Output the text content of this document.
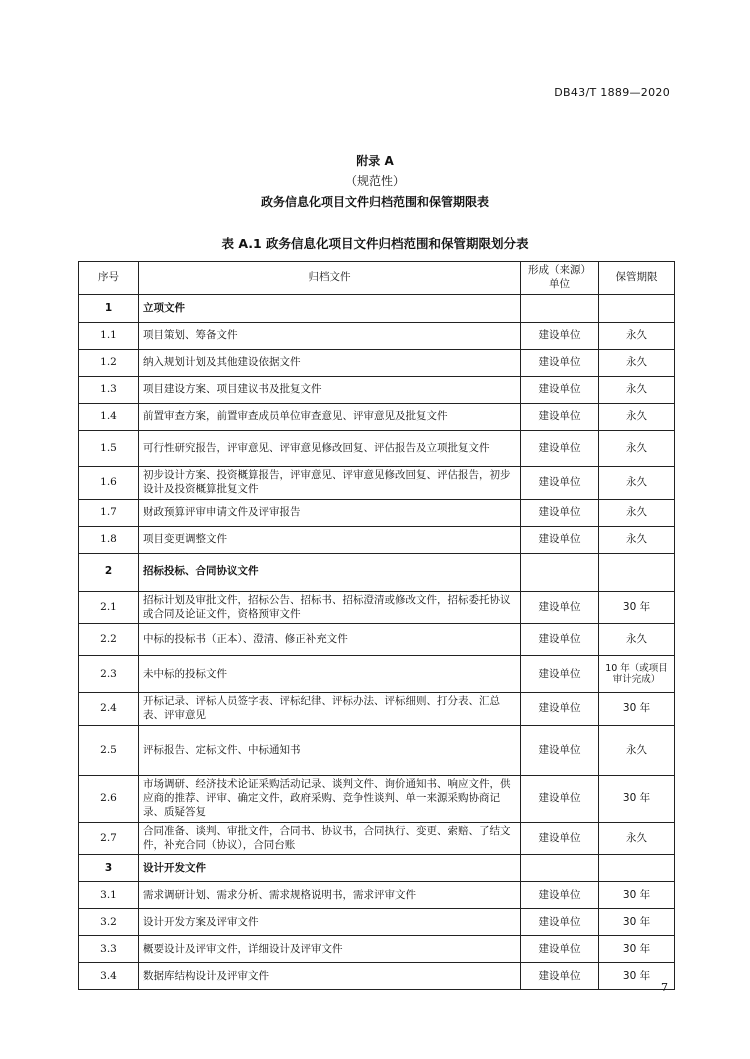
DB43/T 1889—2020
附录 A
（规范性）
政务信息化项目文件归档范围和保管期限表
表 A.1 政务信息化项目文件归档范围和保管期限划分表
序号	归档文件	形成（来源）单位	保管期限
1	立项文件		
1.1	项目策划、筹备文件	建设单位	永久
1.2	纳入规划计划及其他建设依据文件	建设单位	永久
1.3	项目建设方案、项目建议书及批复文件	建设单位	永久
1.4	前置审查方案，前置审查成员单位审查意见、评审意见及批复文件	建设单位	永久
1.5	可行性研究报告，评审意见、评审意见修改回复、评估报告及立项批复文件	建设单位	永久
1.6	初步设计方案、投资概算报告，评审意见、评审意见修改回复、评估报告，初步设计及投资概算批复文件	建设单位	永久
1.7	财政预算评审申请文件及评审报告	建设单位	永久
1.8	项目变更调整文件	建设单位	永久
2	招标投标、合同协议文件		
2.1	招标计划及审批文件，招标公告、招标书、招标澄清或修改文件，招标委托协议或合同及论证文件，资格预审文件	建设单位	30 年
2.2	中标的投标书（正本）、澄清、修正补充文件	建设单位	永久
2.3	未中标的投标文件	建设单位	10 年（或项目审计完成）
2.4	开标记录、评标人员签字表、评标纪律、评标办法、评标细则、打分表、汇总表、评审意见	建设单位	30 年
2.5	评标报告、定标文件、中标通知书	建设单位	永久
2.6	市场调研、经济技术论证采购活动记录、谈判文件、询价通知书、响应文件，供应商的推荐、评审、确定文件，政府采购、竞争性谈判、单一来源采购协商记录、质疑答复	建设单位	30 年
2.7	合同准备、谈判、审批文件，合同书、协议书，合同执行、变更、索赔、了结文件，补充合同（协议），合同台账	建设单位	永久
3	设计开发文件		
3.1	需求调研计划、需求分析、需求规格说明书，需求评审文件	建设单位	30 年
3.2	设计开发方案及评审文件	建设单位	30 年
3.3	概要设计及评审文件，详细设计及评审文件	建设单位	30 年
3.4	数据库结构设计及评审文件	建设单位	30 年
7
